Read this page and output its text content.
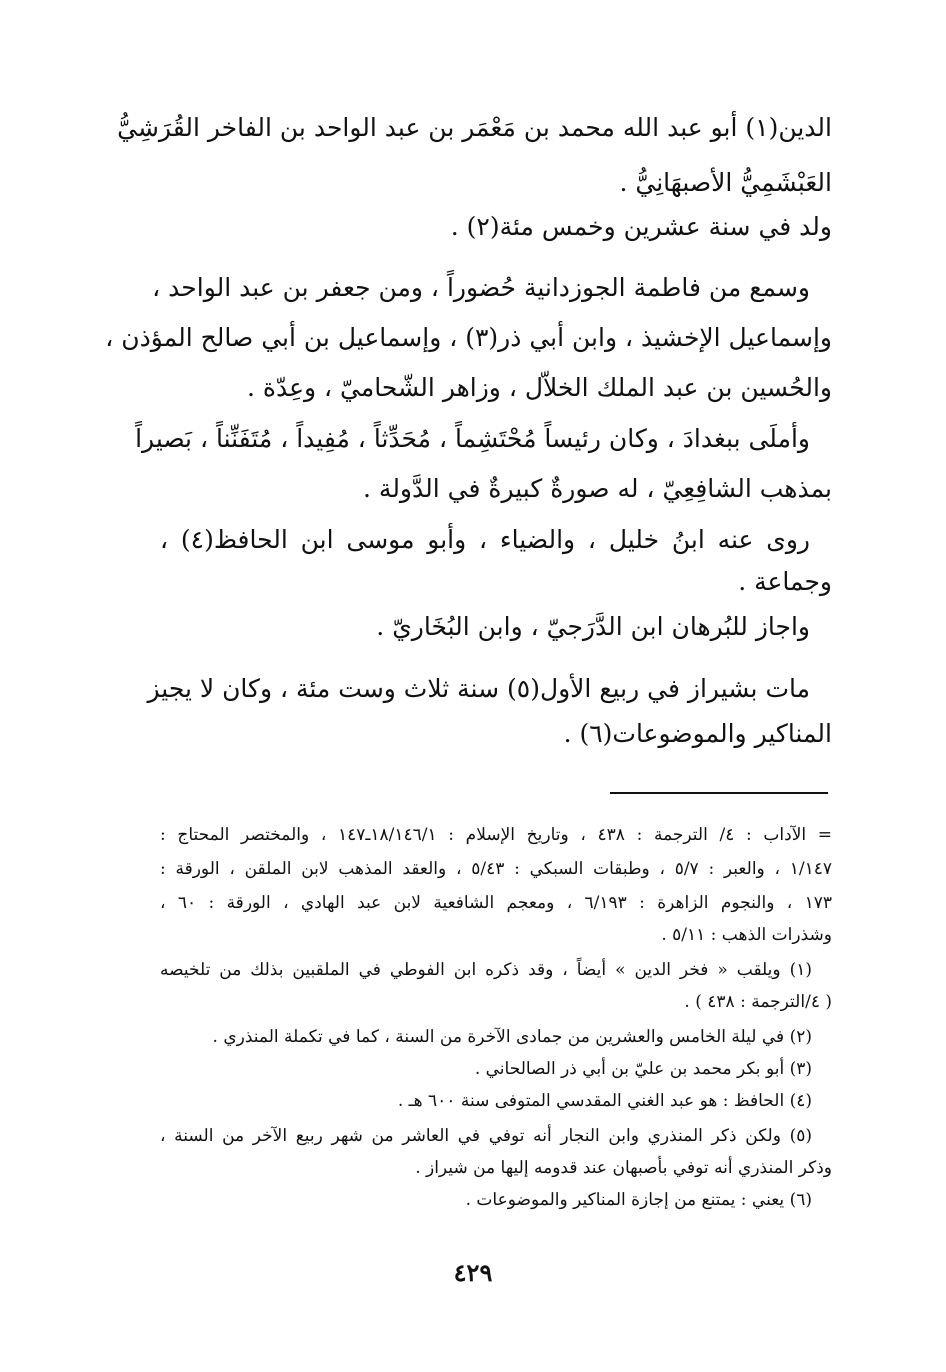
الدين(١) أبو عبد الله محمد بن مَعْمَر بن عبد الواحد بن الفاخر القُرَشِيُّ
العَبْشَمِيُّ الأصبهَانِيُّ .
ولد في سنة عشرين وخمس مئة(٢) .
وسمع من فاطمة الجوزدانية حُضوراً ، ومن جعفر بن عبد الواحد ،
وإسماعيل الإخشيذ ، وابن أبي ذر(٣) ، وإسماعيل بن أبي صالح المؤذن ،
والحُسين بن عبد الملك الخلاّل ، وزاهر الشّحاميّ ، وعِدّة .
وأملَى ببغدادَ ، وكان رئيساً مُحْتَشِماً ، مُحَدِّثاً ، مُفِيداً ، مُتَفَنِّناً ، بَصيراً
بمذهب الشافِعِيّ ، له صورةٌ كبيرةٌ في الدَّولة .
روى عنه ابنُ خليل ، والضياء ، وأبو موسى ابن الحافظ(٤) ،
وجماعة .
واجاز للبُرهان ابن الدَّرَجيّ ، وابن البُخَاريّ .
مات بشيراز في ربيع الأول(٥) سنة ثلاث وست مئة ، وكان لا يجيز
المناكير والموضوعات(٦) .
= الآداب : ٤/ الترجمة : ٤٣٨ ، وتاريخ الإسلام : ١٨/١٤٦/١ـ١٤٧ ، والمختصر المحتاج :
١/١٤٧ ، والعبر : ٥/٧ ، وطبقات السبكي : ٥/٤٣ ، والعقد المذهب لابن الملقن ، الورقة :
١٧٣ ، والنجوم الزاهرة : ٦/١٩٣ ، ومعجم الشافعية لابن عبد الهادي ، الورقة : ٦٠ ،
وشذرات الذهب : ٥/١١ .
(١) ويلقب « فخر الدين » أيضاً ، وقد ذكره ابن الفوطي في الملقبين بذلك من تلخيصه
( ٤/الترجمة : ٤٣٨ ) .
(٢) في ليلة الخامس والعشرين من جمادى الآخرة من السنة ، كما في تكملة المنذري .
(٣) أبو بكر محمد بن عليّ بن أبي ذر الصالحاني .
(٤) الحافظ : هو عبد الغني المقدسي المتوفى سنة ٦٠٠ هـ .
(٥) ولكن ذكر المنذري وابن النجار أنه توفي في العاشر من شهر ربيع الآخر من السنة ،
وذكر المنذري أنه توفي بأصبهان عند قدومه إليها من شيراز .
(٦) يعني : يمتنع من إجازة المناكير والموضوعات .
٤٢٩
